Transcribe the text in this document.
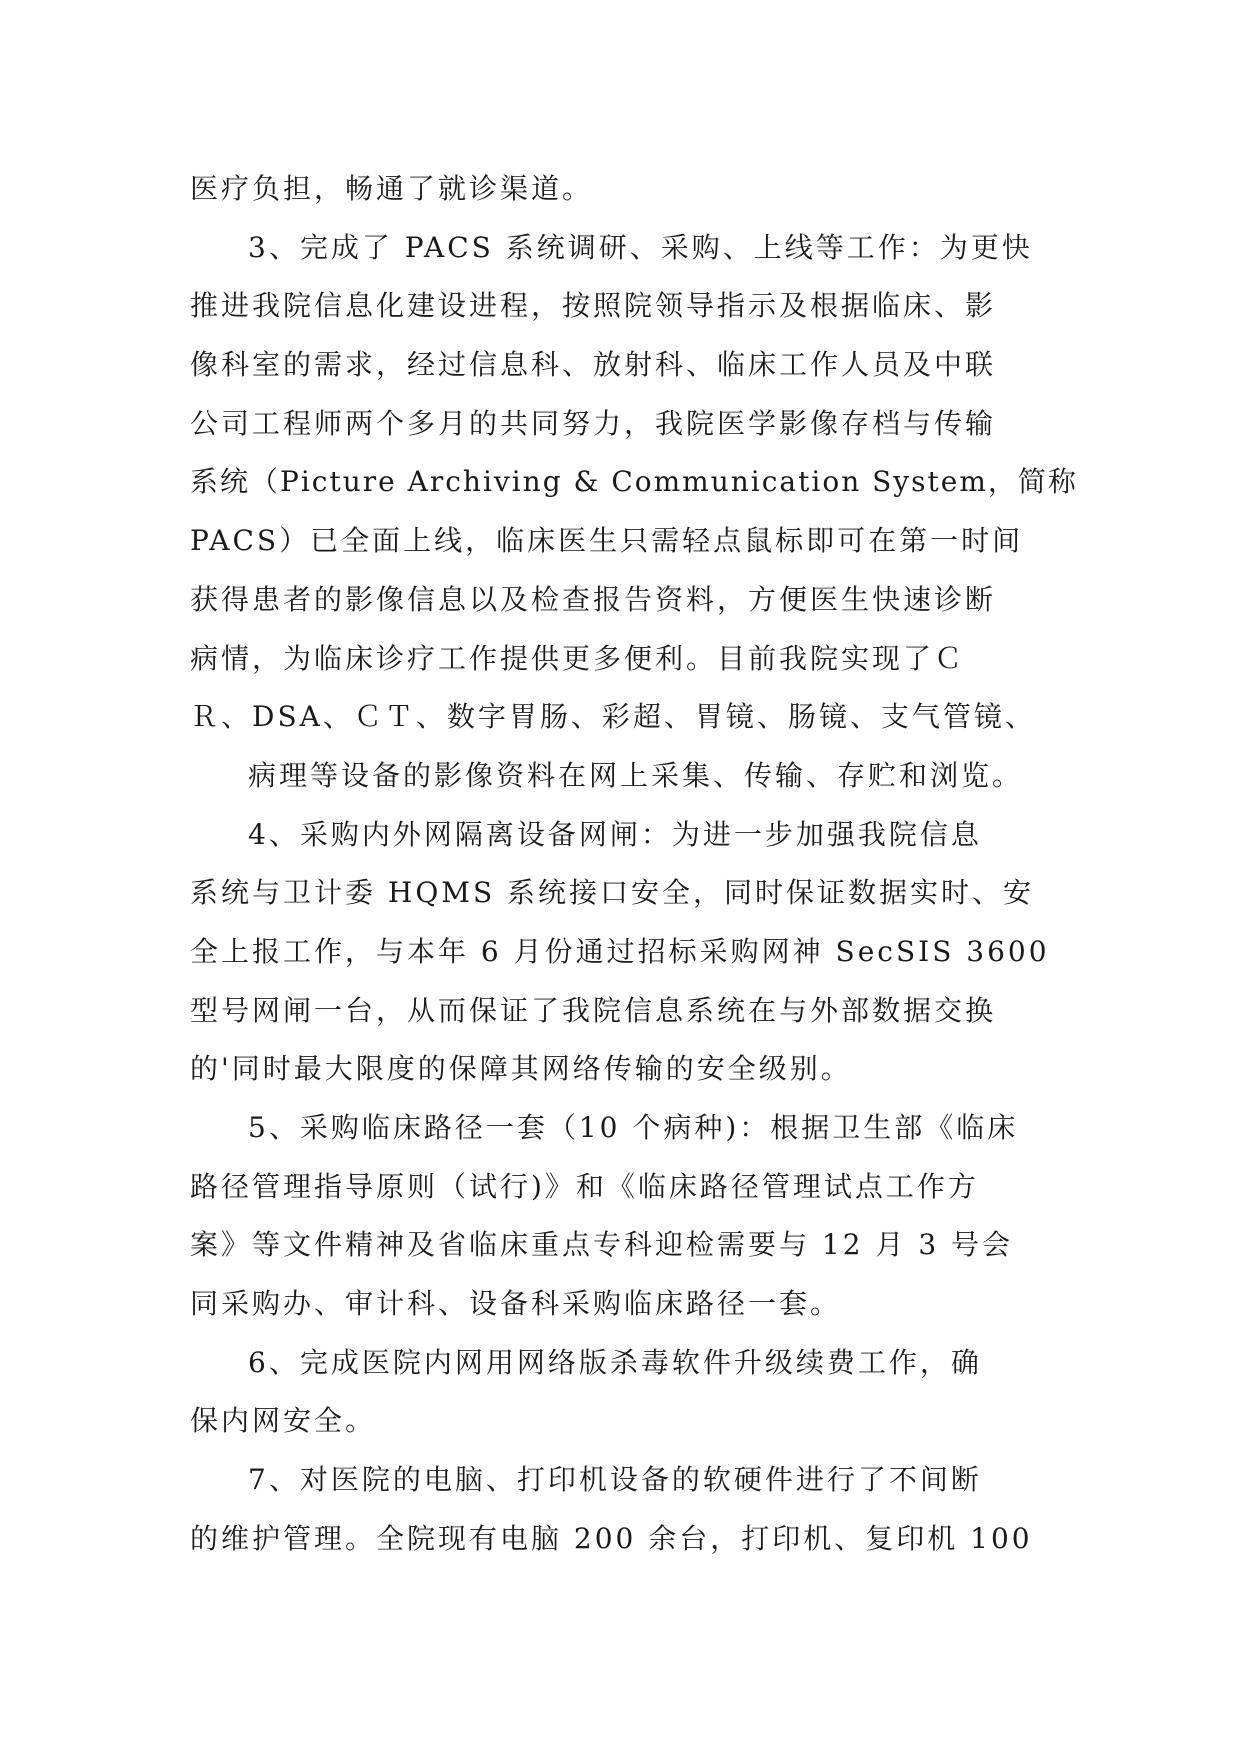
医疗负担，畅通了就诊渠道。
3、完成了 PACS 系统调研、采购、上线等工作：为更快
推进我院信息化建设进程，按照院领导指示及根据临床、影
像科室的需求，经过信息科、放射科、临床工作人员及中联
公司工程师两个多月的共同努力，我院医学影像存档与传输
系统（Picture Archiving & Communication System，简称
PACS）已全面上线，临床医生只需轻点鼠标即可在第一时间
获得患者的影像信息以及检查报告资料，方便医生快速诊断
病情，为临床诊疗工作提供更多便利。目前我院实现了Ｃ
Ｒ、DSA、ＣＴ、数字胃肠、彩超、胃镜、肠镜、支气管镜、
病理等设备的影像资料在网上采集、传输、存贮和浏览。
4、采购内外网隔离设备网闸：为进一步加强我院信息
系统与卫计委 HQMS 系统接口安全，同时保证数据实时、安
全上报工作，与本年 6 月份通过招标采购网神 SecSIS 3600
型号网闸一台，从而保证了我院信息系统在与外部数据交换
的'同时最大限度的保障其网络传输的安全级别。
5、采购临床路径一套（10 个病种)：根据卫生部《临床
路径管理指导原则（试行)》和《临床路径管理试点工作方
案》等文件精神及省临床重点专科迎检需要与 12 月 3 号会
同采购办、审计科、设备科采购临床路径一套。
6、完成医院内网用网络版杀毒软件升级续费工作，确
保内网安全。
7、对医院的电脑、打印机设备的软硬件进行了不间断
的维护管理。全院现有电脑 200 余台，打印机、复印机 100
